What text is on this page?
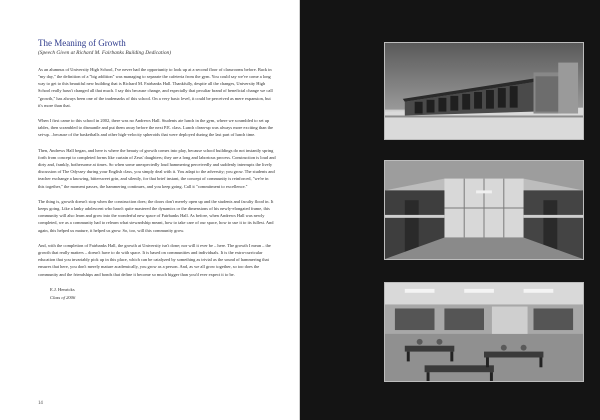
The Meaning of Growth

(Speech Given at Richard M. Fairbanks Building Dedication)

As an alumnus of University High School, I've never had the opportunity to look up at a second floor of classrooms before. Back in "my day," the definition of a "big addition" was managing to separate the cafeteria from the gym. You could say we've come a long way to get to this beautiful new building that is Richard M. Fairbanks Hall. Thankfully, despite all the changes, University High School really hasn't changed all that much. I say this because change, and especially that peculiar brand of beneficial change we call "growth," has always been one of the trademarks of this school. On a very basic level, it could be perceived as mere expansion, but it's more than that.

When I first came to this school in 2002, there was no Andrews Hall. Students ate lunch in the gym, where we scrambled to set up tables, then scrambled to dismantle and put them away before the next P.E. class. Lunch clean-up was always more exciting than the set-up…because of the basketballs and other high-velocity spheroids that were deployed during the last part of lunch time.

Then, Andrews Hall began, and here is where the beauty of growth comes into play, because school buildings do not instantly spring forth from concept to completed forms like curtain of Zeus' daughters; they are a long and laborious process. Construction is loud and dirty and, frankly, bothersome at times. So when some unexpectedly loud hammering perceivedly and suddenly interrupts the lively discussion of The Odyssey during your English class, you simply deal with it. You adapt to the adversity; you grow. The students and teacher exchange a knowing, bittersweet grin, and silently, for that brief instant, the concept of community is reinforced, "we're in this together," the moment passes, the hammering continues, and you keep going. Call it "commitment to excellence."

The thing is, growth doesn't stop when the construction does; the doors don't merely open up and the students and faculty flood in. It keeps going. Like a lanky adolescent who hasn't quite mastered the dynamics or the dimensions of his newly-elongated frame, this community will also learn and grow into the wonderful new space of Fairbanks Hall. As before, when Andrews Hall was newly completed, we as a community had to relearn what stewardship meant, how to take care of our space, how to use it to its fullest. And again, this helped us mature, it helped us grow. So, too, will this community grow.

And, with the completion of Fairbanks Hall, the growth at University isn't done; nor will it ever be – here. The growth I mean – the growth that really matters – doesn't have to do with space. It is based on communities and individuals. It is the extra-curricular education that you invariably pick up in this place, which can be catalyzed by something as trivial as the sound of hammering that ensures that here, you don't merely mature academically, you grow as a person. And, as we all grow together, so too does the community and the friendships and bonds that define it become so much bigger than you'd ever expect it to be.

E.J. Henricks
Class of 2006
14
